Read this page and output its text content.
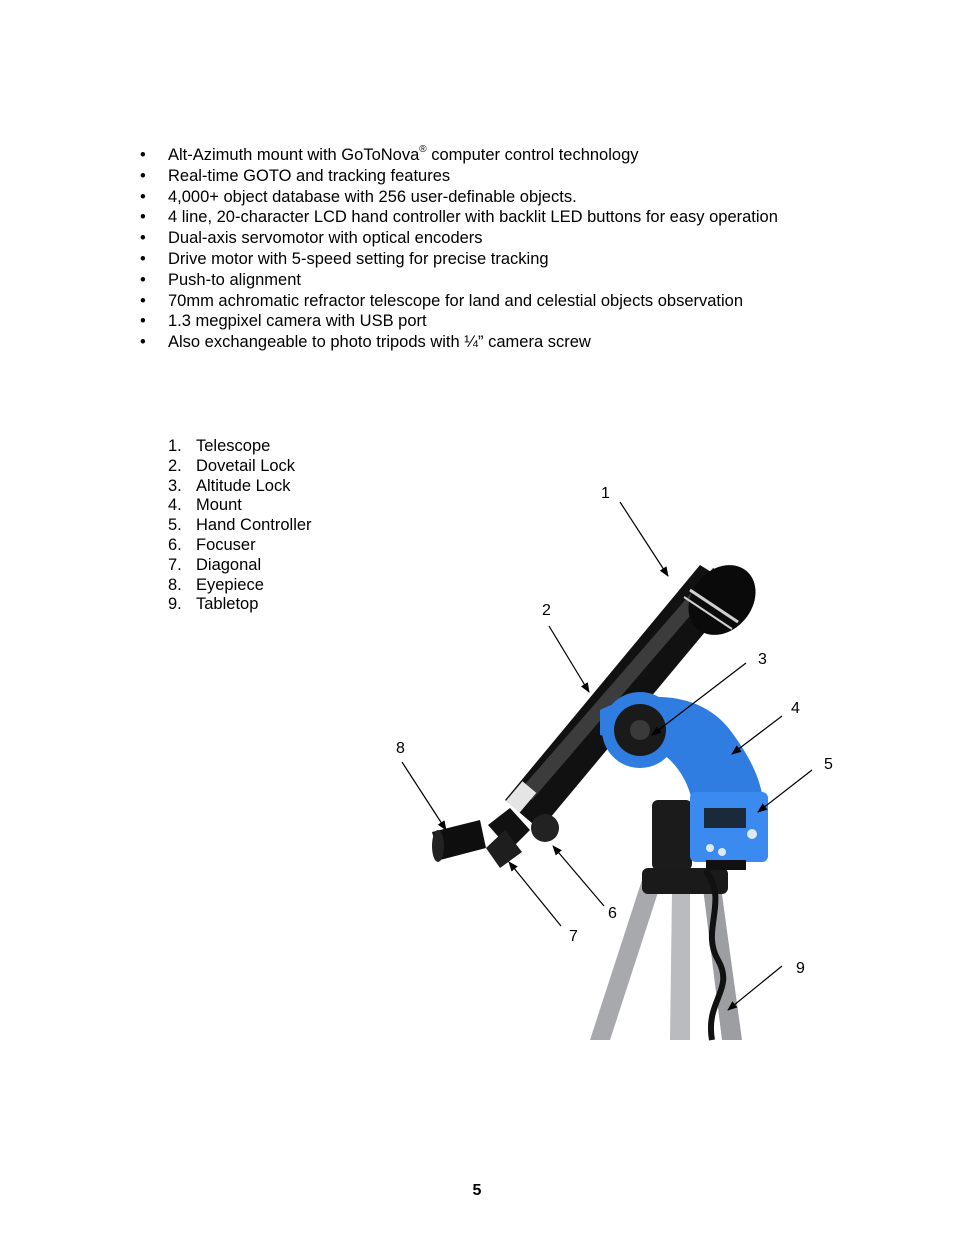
•	Alt-Azimuth mount with GoToNova® computer control technology
•	Real-time GOTO and tracking features
•	4,000+ object database with 256 user-definable objects.
•	4 line, 20-character LCD hand controller with backlit LED buttons for easy operation
•	Dual-axis servomotor with optical encoders
•	Drive motor with 5-speed setting for precise tracking
•	Push-to alignment
•	70mm achromatic refractor telescope for land and celestial objects observation
•	1.3 megpixel camera with USB port
•	Also exchangeable to photo tripods with ¼” camera screw
1. Telescope
2. Dovetail Lock
3. Altitude Lock
4. Mount
5. Hand Controller
6. Focuser
7. Diagonal
8. Eyepiece
9. Tabletop
1
2
3
4
5
6
7
8
9
5
